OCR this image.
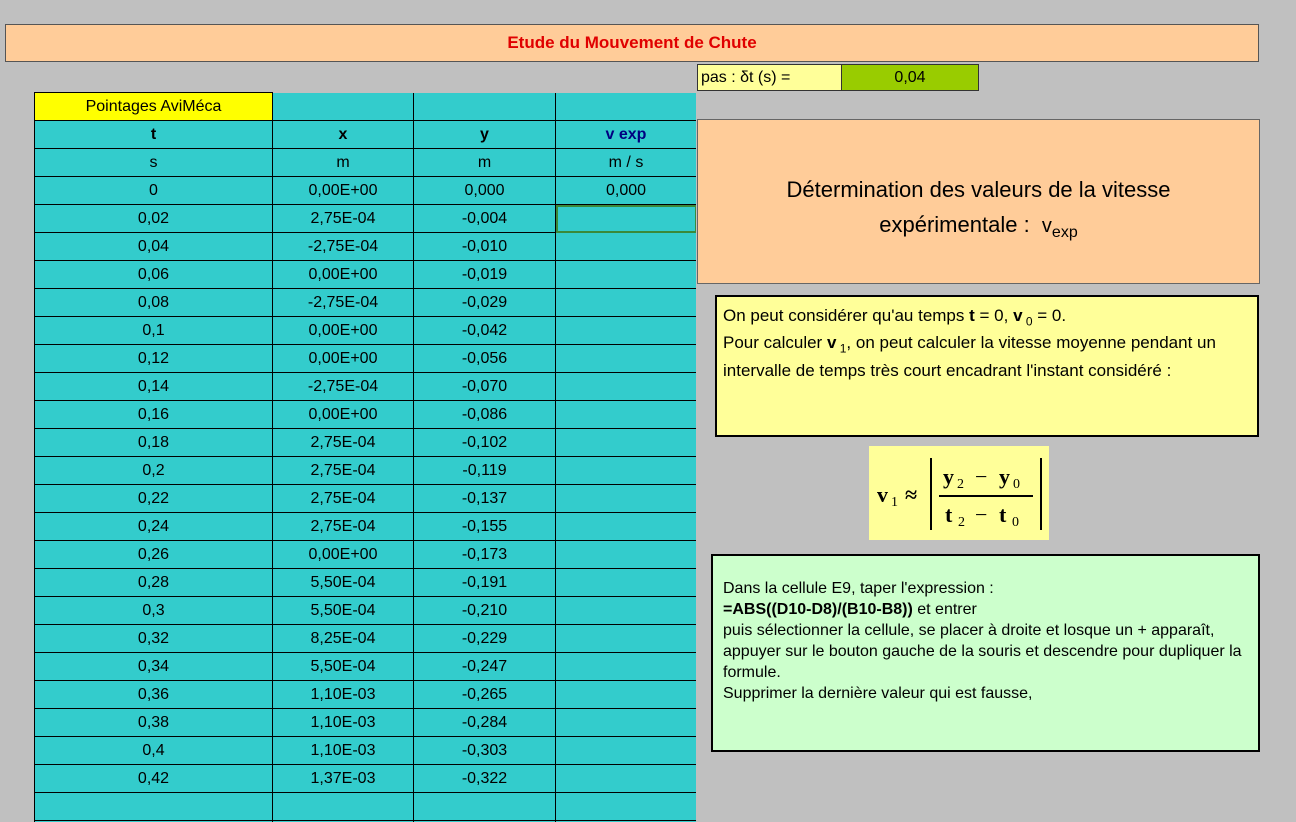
Etude du Mouvement de Chute
pas : δt (s) =	0,04
Pointages AviMéca			
t	x	y	v exp
s	m	m	m / s
0	0,00E+00	0,000	0,000
0,02	2,75E-04	-0,004	
0,04	-2,75E-04	-0,010	
0,06	0,00E+00	-0,019	
0,08	-2,75E-04	-0,029	
0,1	0,00E+00	-0,042	
0,12	0,00E+00	-0,056	
0,14	-2,75E-04	-0,070	
0,16	0,00E+00	-0,086	
0,18	2,75E-04	-0,102	
0,2	2,75E-04	-0,119	
0,22	2,75E-04	-0,137	
0,24	2,75E-04	-0,155	
0,26	0,00E+00	-0,173	
0,28	5,50E-04	-0,191	
0,3	5,50E-04	-0,210	
0,32	8,25E-04	-0,229	
0,34	5,50E-04	-0,247	
0,36	1,10E-03	-0,265	
0,38	1,10E-03	-0,284	
0,4	1,10E-03	-0,303	
0,42	1,37E-03	-0,322	

Détermination des valeurs de la vitesse
expérimentale : $v_{exp}$
On peut considérer qu'au temps t = 0, v $_0$ = 0.
Pour calculer v $_1$, on peut calculer la vitesse moyenne pendant un intervalle de temps très court encadrant l'instant considéré :
v 1 ≈
y 2 − y 0
t 2 − t 0
Dans la cellule E9, taper l'expression :
=ABS((D10-D8)/(B10-B8)) et entrer
puis sélectionner la cellule, se placer à droite et losque un + apparaît, appuyer sur le bouton gauche de la souris et descendre pour dupliquer la formule.
Supprimer la dernière valeur qui est fausse,
